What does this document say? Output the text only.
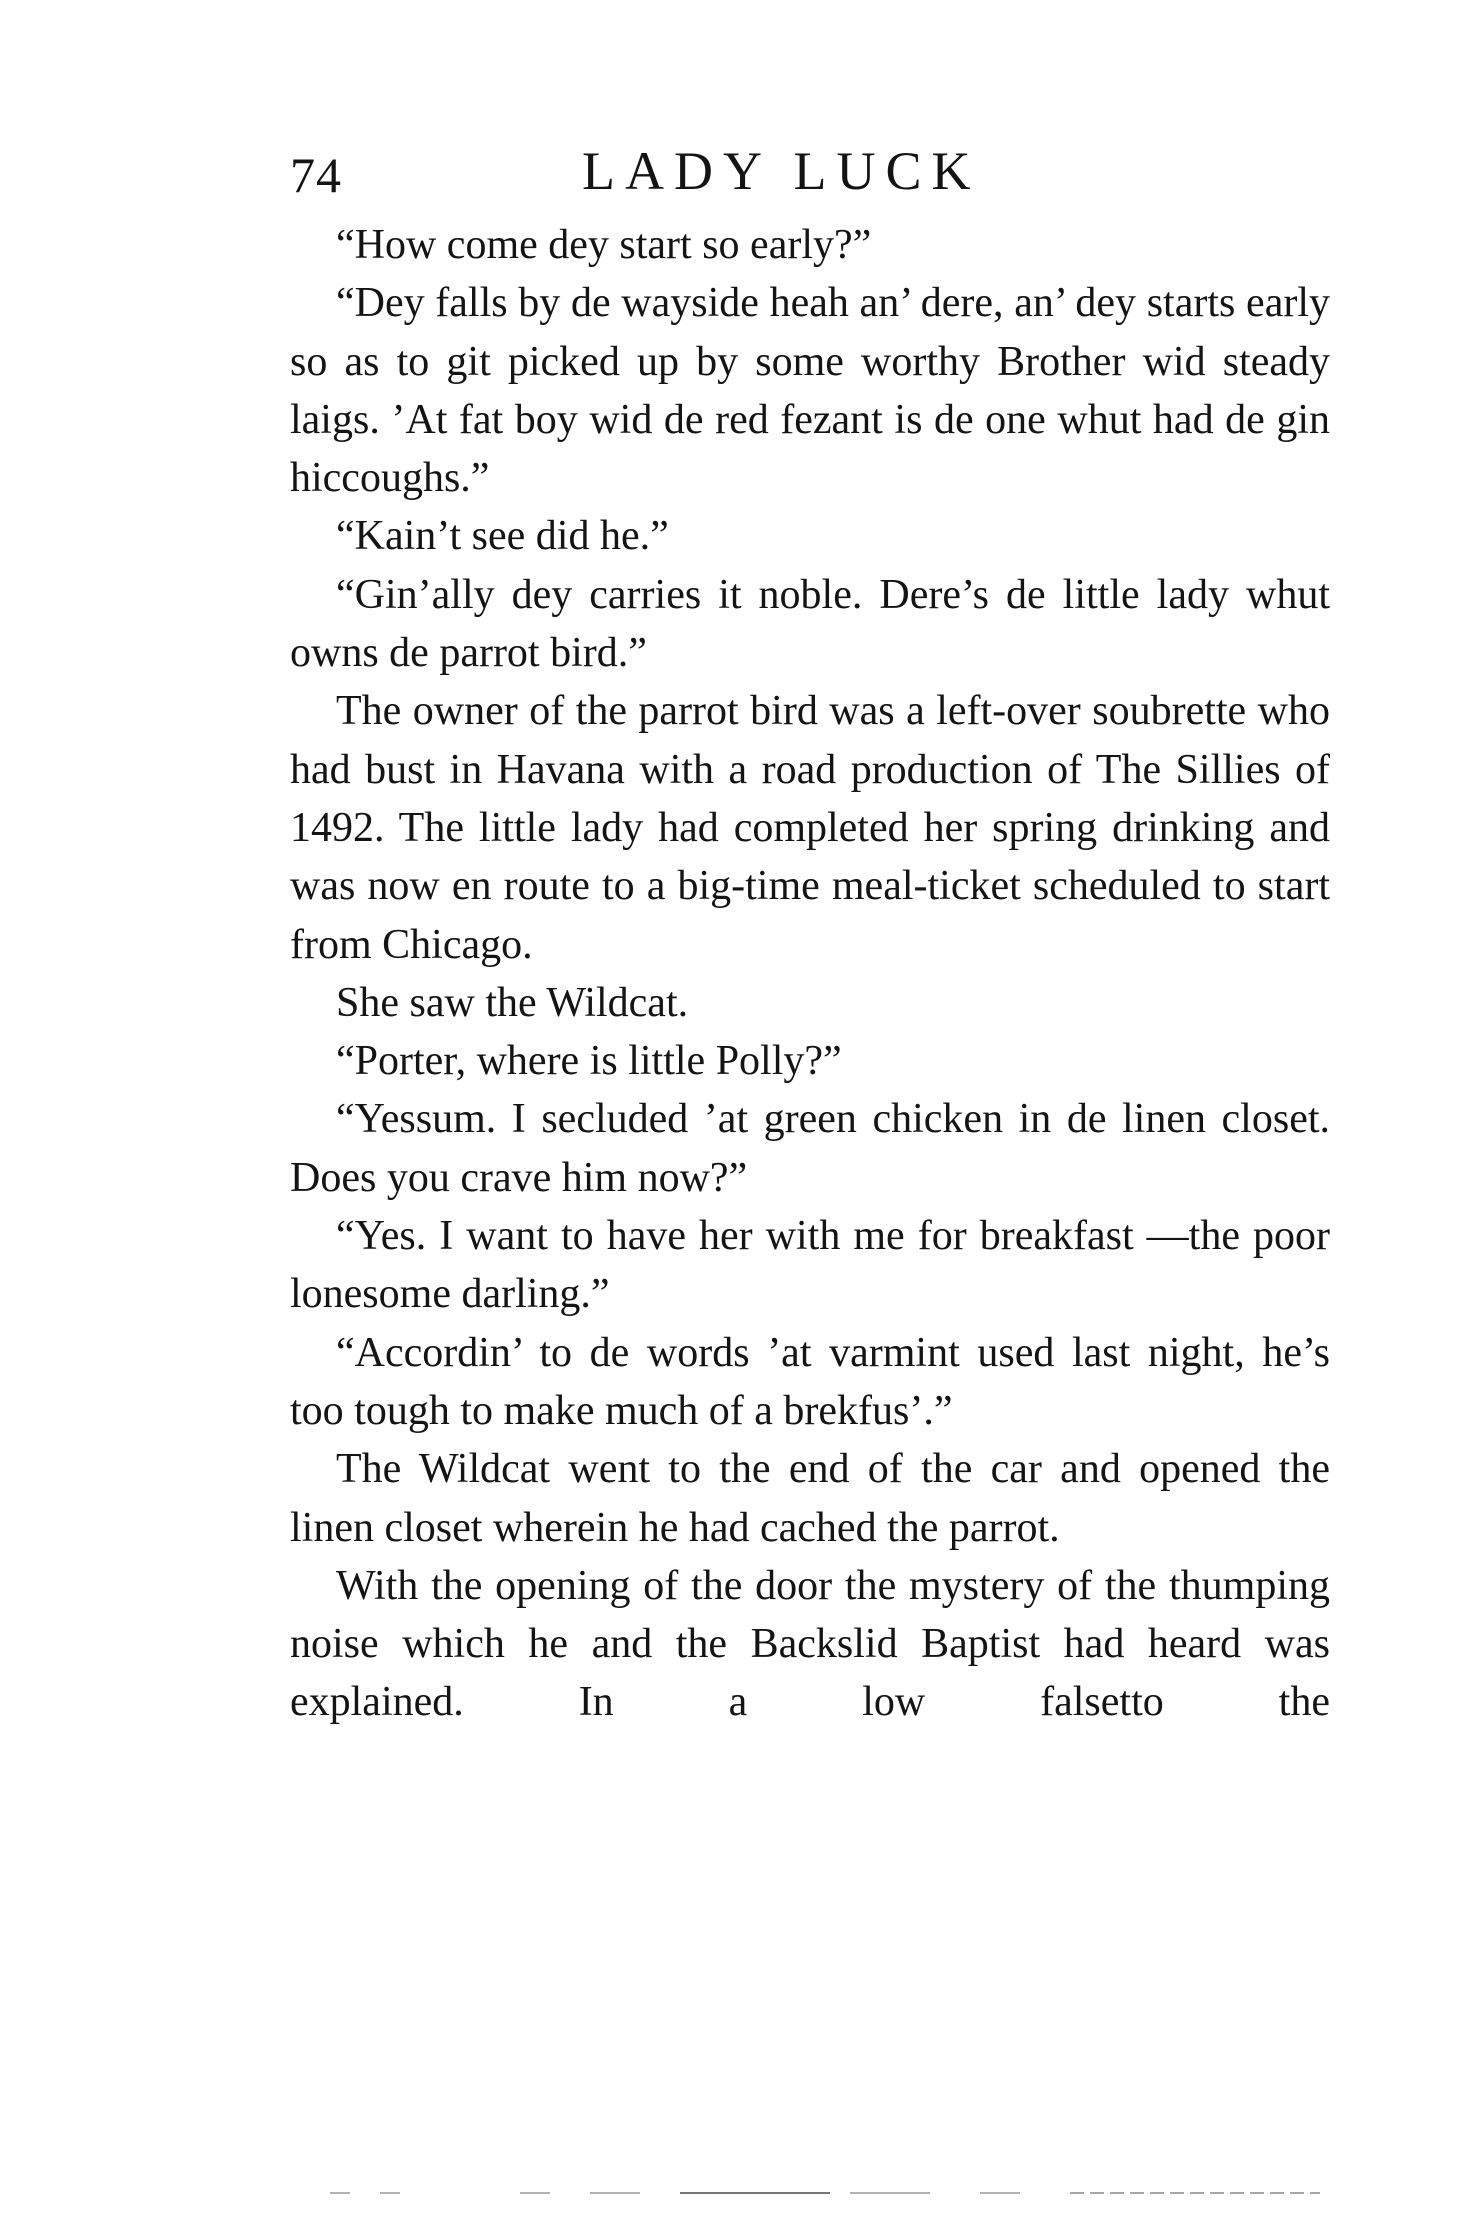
74	LADY LUCK

“How come dey start so early?”

“Dey falls by de wayside heah an’ dere, an’ dey starts early so as to git picked up by some worthy Brother wid steady laigs. ’At fat boy wid de red fezant is de one whut had de gin hiccoughs.”

“Kain’t see did he.”

“Gin’ally dey carries it noble. Dere’s de little lady whut owns de parrot bird.”

The owner of the parrot bird was a left-over soubrette who had bust in Havana with a road production of The Sillies of 1492. The little lady had completed her spring drinking and was now en route to a big-time meal-ticket scheduled to start from Chicago.

She saw the Wildcat.

“Porter, where is little Polly?”

“Yessum. I secluded ’at green chicken in de linen closet. Does you crave him now?”

“Yes. I want to have her with me for breakfast —the poor lonesome darling.”

“Accordin’ to de words ’at varmint used last night, he’s too tough to make much of a brekfus’.”

The Wildcat went to the end of the car and opened the linen closet wherein he had cached the parrot.

With the opening of the door the mystery of the thumping noise which he and the Backslid Baptist had heard was explained. In a low falsetto the
